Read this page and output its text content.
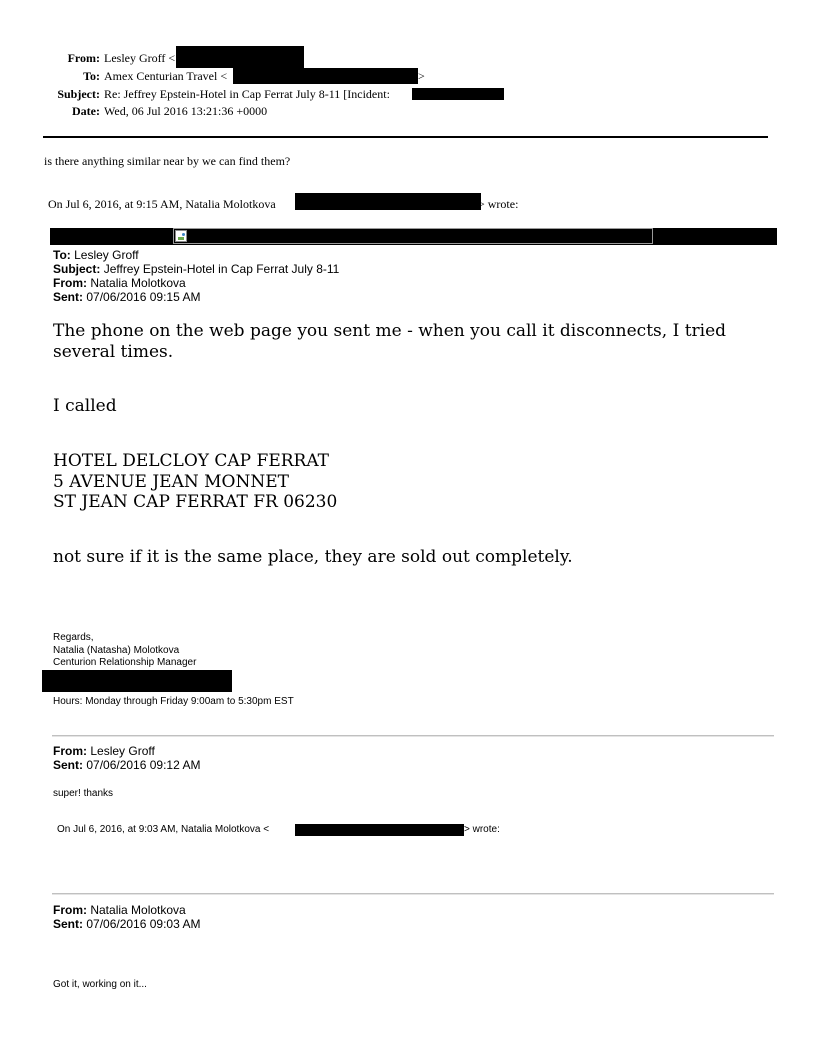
From: Lesley Groff <
To: Amex Centurian Travel <	>
Subject: Re: Jeffrey Epstein-Hotel in Cap Ferrat July 8-11 [Incident:
Date: Wed, 06 Jul 2016 13:21:36 +0000
is there anything similar near by we can find them?
On Jul 6, 2016, at 9:15 AM, Natalia Molotkova	> wrote:
To: Lesley Groff
Subject: Jeffrey Epstein-Hotel in Cap Ferrat July 8-11
From: Natalia Molotkova
Sent: 07/06/2016 09:15 AM
The phone on the web page you sent me - when you call it disconnects, I tried several times.
I called
HOTEL DELCLOY CAP FERRAT
5 AVENUE JEAN MONNET
ST JEAN CAP FERRAT FR 06230
not sure if it is the same place, they are sold out completely.
Regards,
Natalia (Natasha) Molotkova
Centurion Relationship Manager
Hours: Monday through Friday 9:00am to 5:30pm EST
From: Lesley Groff
Sent: 07/06/2016 09:12 AM
super! thanks
On Jul 6, 2016, at 9:03 AM, Natalia Molotkova <	> wrote:
From: Natalia Molotkova
Sent: 07/06/2016 09:03 AM
Got it, working on it...
